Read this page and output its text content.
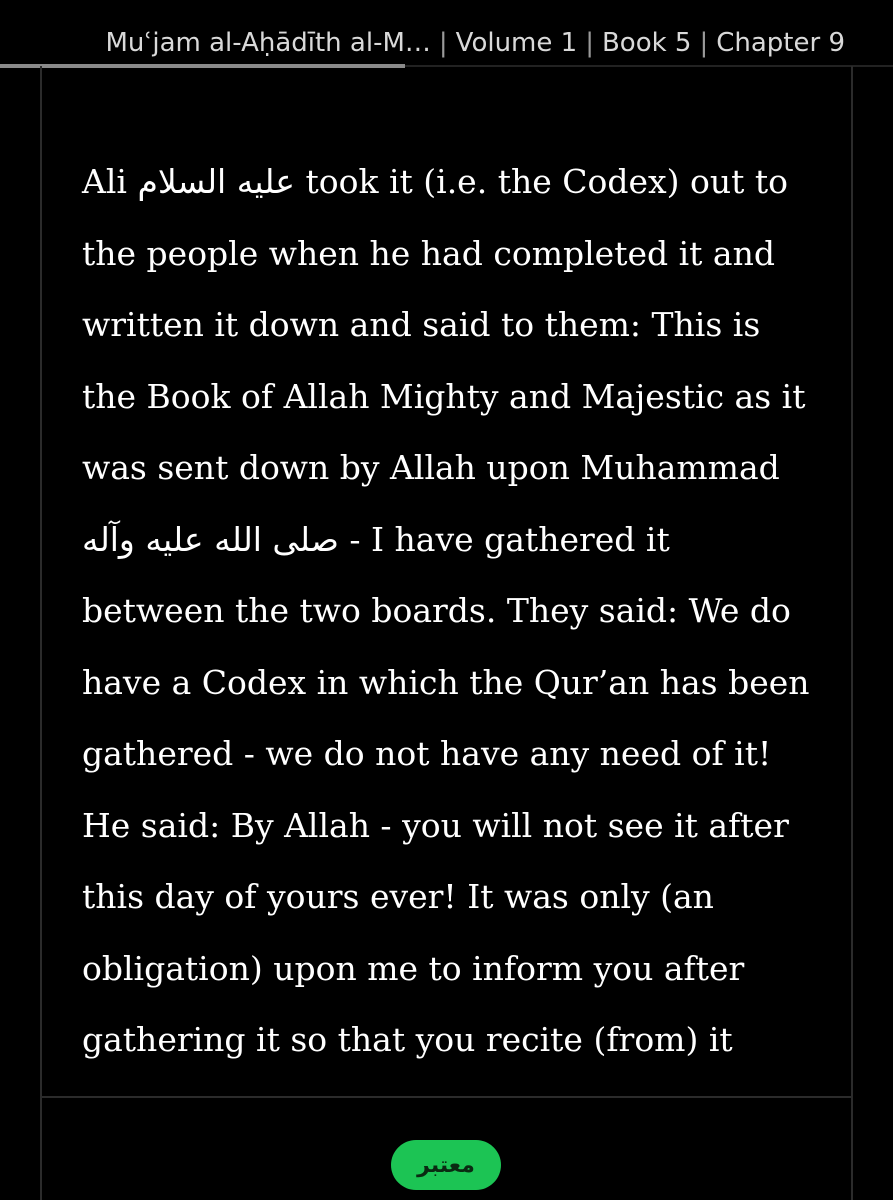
Muʿjam al-Aḥādīth al-M… | Volume 1 | Book 5 | Chapter 9

Ali عليه السلام took it (i.e. the Codex) out to
the people when he had completed it and
written it down and said to them: This is
the Book of Allah Mighty and Majestic as it
was sent down by Allah upon Muhammad
صلى الله عليه وآله - I have gathered it
between the two boards. They said: We do
have a Codex in which the Qur’an has been
gathered - we do not have any need of it!
He said: By Allah - you will not see it after
this day of yours ever! It was only (an
obligation) upon me to inform you after
gathering it so that you recite (from) it

معتبر
